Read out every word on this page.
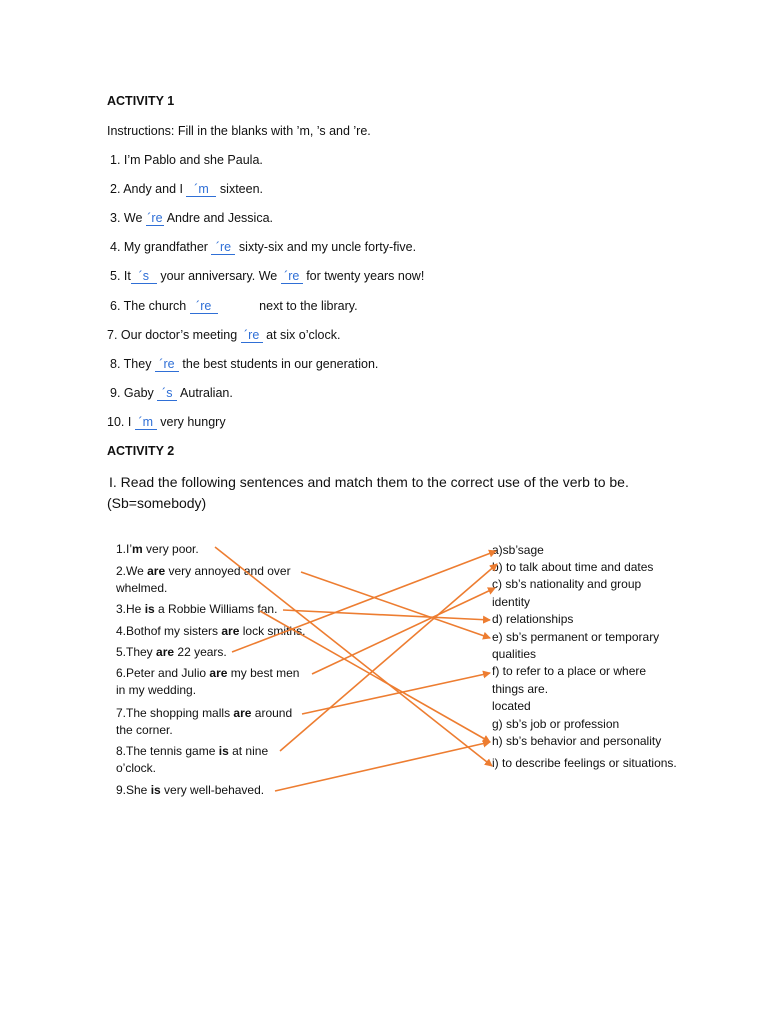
ACTIVITY 1
Instructions: Fill in the blanks with ’m, ’s and ’re.
1. I’m Pablo and she Paula.
2. Andy and I ´m sixteen.
3. We ´re Andre and Jessica.
4. My grandfather ´re sixty-six and my uncle forty-five.
5. It ´s your anniversary. We ´re for twenty years now!
6. The church ´re	next to the library.
7. Our doctor’s meeting ´re at six o’clock.
8. They ´re the best students in our generation.
9. Gaby ´s Autralian.
10. I ´m very hungry
ACTIVITY 2
I. Read the following sentences and match them to the correct use of the verb to be.
(Sb=somebody)
1.I’m very poor.
2.We are very annoyed and over
whelmed.
3.He is a Robbie Williams fan.
4.Bothof my sisters are lock smiths.
5.They are 22 years.
6.Peter and Julio are my best men
in my wedding.
7.The shopping malls are around
the corner.
8.The tennis game is at nine
o’clock.
9.She is very well-behaved.
a)sb’sage
b) to talk about time and dates
c) sb’s nationality and group
identity
d) relationships
e) sb’s permanent or temporary
qualities
f) to refer to a place or where
things are.
located
g) sb’s job or profession
h) sb’s behavior and personality
i) to describe feelings or situations.
